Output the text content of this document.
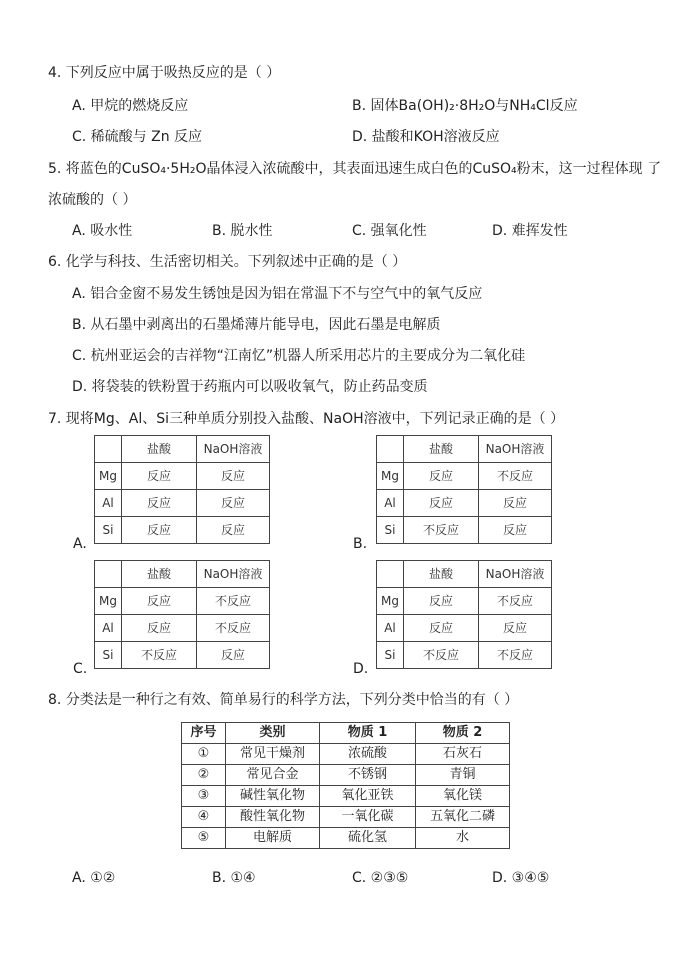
4. 下列反应中属于吸热反应的是（ ）
A. 甲烷的燃烧反应	B. 固体Ba(OH)₂·8H₂O与NH₄Cl反应
C. 稀硫酸与 Zn 反应	D. 盐酸和KOH溶液反应
5. 将蓝色的CuSO₄·5H₂O晶体浸入浓硫酸中，其表面迅速生成白色的CuSO₄粉末，这一过程体现 了
浓硫酸的（ ）
A. 吸水性	B. 脱水性	C. 强氧化性	D. 难挥发性
6. 化学与科技、生活密切相关。下列叙述中正确的是（ ）
A. 铝合金窗不易发生锈蚀是因为铝在常温下不与空气中的氧气反应
B. 从石墨中剥离出的石墨烯薄片能导电，因此石墨是电解质
C. 杭州亚运会的吉祥物“江南忆”机器人所采用芯片的主要成分为二氧化硅
D. 将袋装的铁粉置于药瓶内可以吸收氧气，防止药品变质
7. 现将Mg、Al、Si三种单质分别投入盐酸、NaOH溶液中，下列记录正确的是（ ）
	盐酸	NaOH溶液
Mg	反应	反应
Al	反应	反应
Si	反应	反应
A.
	盐酸	NaOH溶液
Mg	反应	不反应
Al	反应	反应
Si	不反应	反应
B.
	盐酸	NaOH溶液
Mg	反应	不反应
Al	反应	不反应
Si	不反应	反应
C.
	盐酸	NaOH溶液
Mg	反应	不反应
Al	反应	反应
Si	不反应	不反应
D.
8. 分类法是一种行之有效、简单易行的科学方法，下列分类中恰当的有（ ）
序号	类别	物质 1	物质 2
①	常见干燥剂	浓硫酸	石灰石
②	常见合金	不锈钢	青铜
③	碱性氧化物	氧化亚铁	氧化镁
④	酸性氧化物	一氧化碳	五氧化二磷
⑤	电解质	硫化氢	水
A. ①②	B. ①④	C. ②③⑤	D. ③④⑤
